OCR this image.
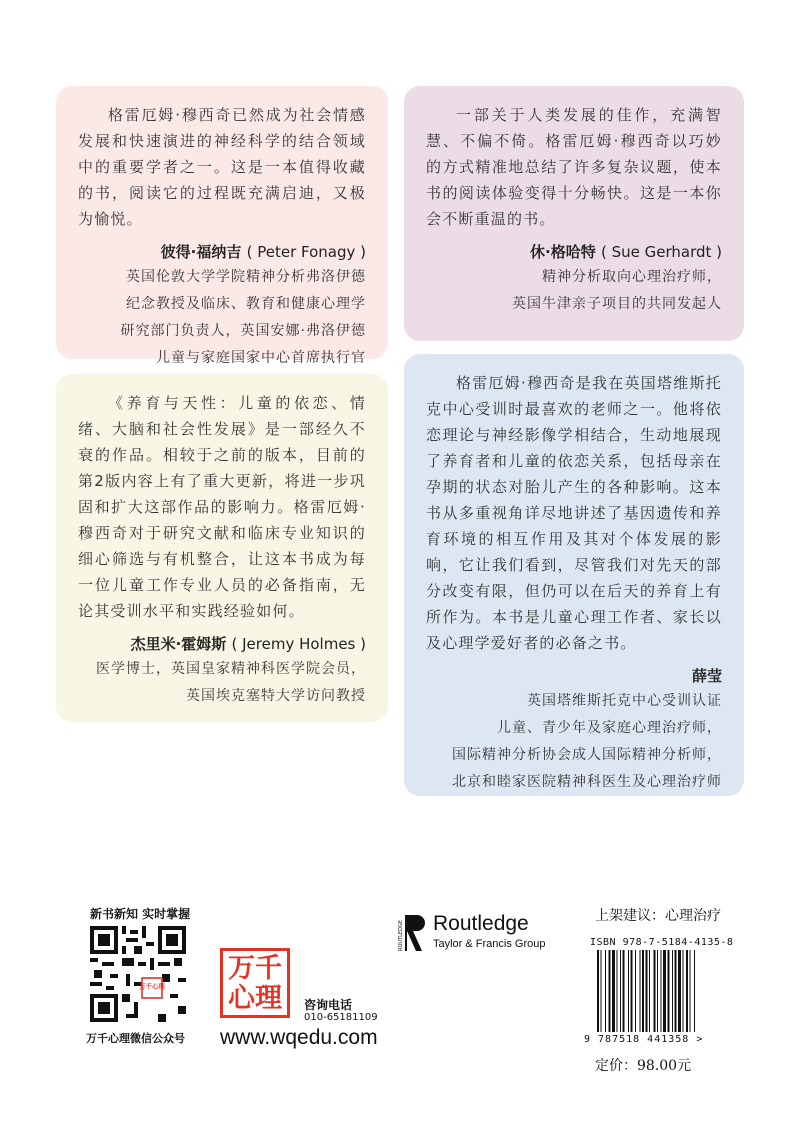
格雷厄姆·穆西奇已然成为社会情感发展和快速演进的神经科学的结合领域中的重要学者之一。这是一本值得收藏的书，阅读它的过程既充满启迪，又极为愉悦。

彼得·福纳吉 ( Peter Fonagy )
英国伦敦大学学院精神分析弗洛伊德
纪念教授及临床、教育和健康心理学
研究部门负责人，英国安娜·弗洛伊德
儿童与家庭国家中心首席执行官

一部关于人类发展的佳作，充满智慧、不偏不倚。格雷厄姆·穆西奇以巧妙的方式精准地总结了许多复杂议题，使本书的阅读体验变得十分畅快。这是一本你会不断重温的书。

休·格哈特 ( Sue Gerhardt )
精神分析取向心理治疗师，
英国牛津亲子项目的共同发起人

《养育与天性：儿童的依恋、情绪、大脑和社会性发展》是一部经久不衰的作品。相较于之前的版本，目前的第2版内容上有了重大更新，将进一步巩固和扩大这部作品的影响力。格雷厄姆·穆西奇对于研究文献和临床专业知识的细心筛选与有机整合，让这本书成为每一位儿童工作专业人员的必备指南，无论其受训水平和实践经验如何。

杰里米·霍姆斯 ( Jeremy Holmes )
医学博士，英国皇家精神科医学院会员，
英国埃克塞特大学访问教授

格雷厄姆·穆西奇是我在英国塔维斯托克中心受训时最喜欢的老师之一。他将依恋理论与神经影像学相结合，生动地展现了养育者和儿童的依恋关系，包括母亲在孕期的状态对胎儿产生的各种影响。这本书从多重视角详尽地讲述了基因遗传和养育环境的相互作用及其对个体发展的影响，它让我们看到，尽管我们对先天的部分改变有限，但仍可以在后天的养育上有所作为。本书是儿童心理工作者、家长以及心理学爱好者的必备之书。

薛莹
英国塔维斯托克中心受训认证
儿童、青少年及家庭心理治疗师，
国际精神分析协会成人国际精神分析师，
北京和睦家医院精神科医生及心理治疗师
新书新知 实时掌握
万千心理
万千心理微信公众号
万千
心理	咨询电话
010-65181109
www.wqedu.com
ROUTLEDGE Routledge
Taylor & Francis Group
上架建议：心理治疗
ISBN 978-7-5184-4135-8
9 787518 441358 >
定价：98.00元
